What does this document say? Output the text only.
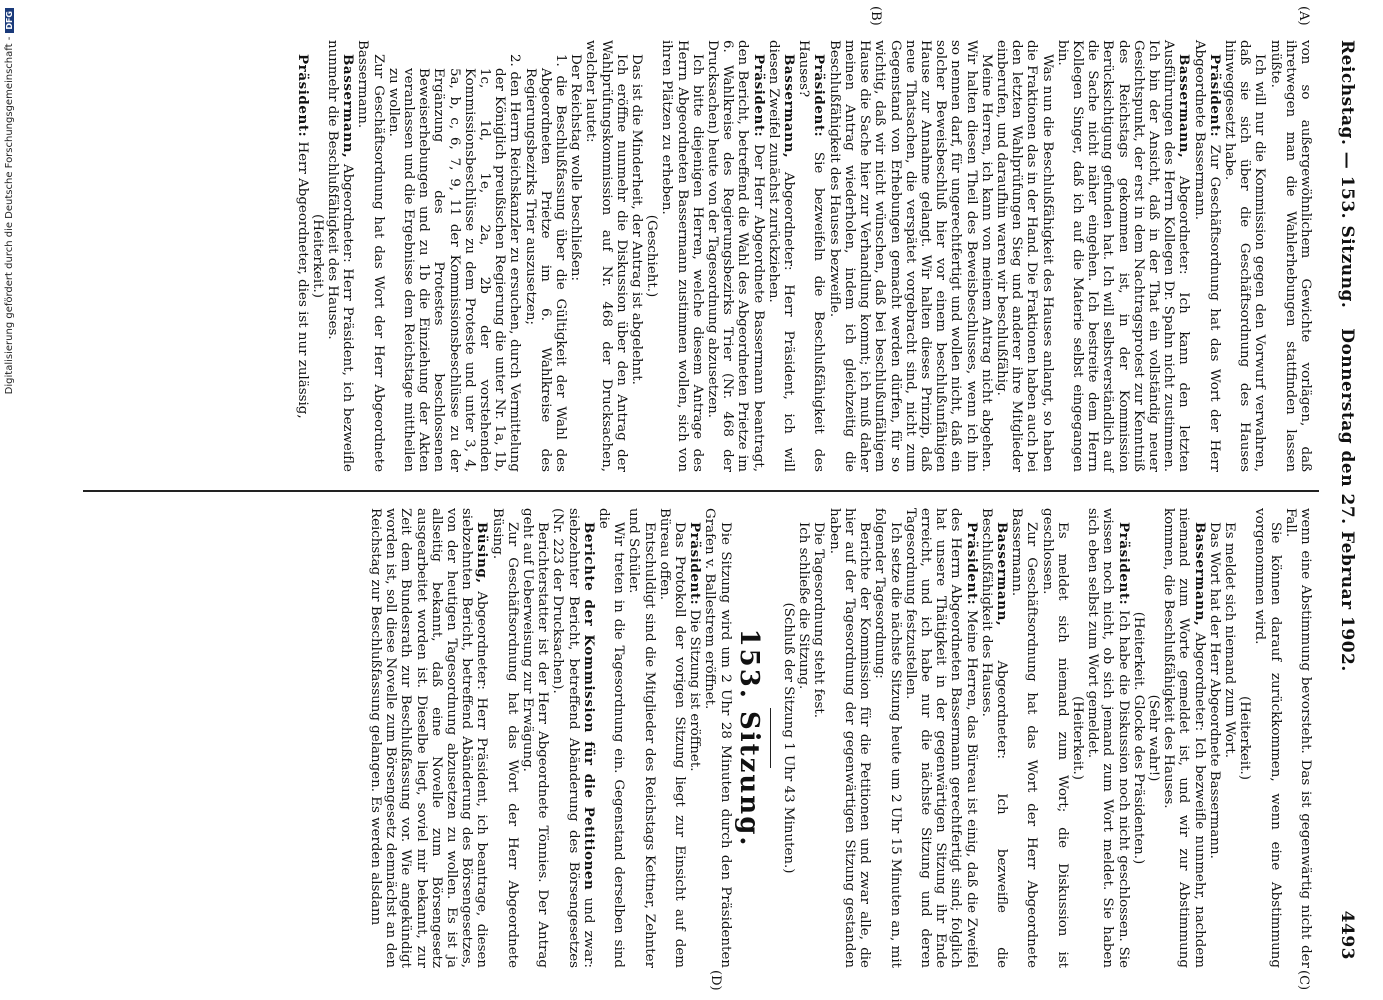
Digitalisierung gefördert durch die Deutsche Forschungsgemeinschaft -DFG
Reichstag. — 153. Sitzung.
Donnerstag den 27. Februar 1902.
4493
(A)
(B)
(C)
(D)

von so außergewöhnlichem Gewichte vorlägen, daß ihretwegen man die Wahlerhebungen stattfinden lassen müßte.

Ich will nur die Kommission gegen den Vorwurf verwahren, daß sie sich über die Geschäftsordnung des Hauses hinweggesetzt habe.

Präsident: Zur Geschäftsordnung hat das Wort der Herr Abgeordnete Bassermann.

Bassermann, Abgeordneter: Ich kann den letzten Ausführungen des Herrn Kollegen Dr. Spahn nicht zustimmen. Ich bin der Ansicht, daß in der That ein vollständig neuer Gesichtspunkt, der erst in dem Nachtragsprotest zur Kenntniß des Reichstags gekommen ist, in der Kommission Berücksichtigung gefunden hat. Ich will selbstverständlich auf die Sache nicht näher eingehen. Ich bestreite dem Herrn Kollegen Singer, daß ich auf die Materie selbst eingegangen bin.

Was nun die Beschlußfähigkeit des Hauses anlangt, so haben die Fraktionen das in der Hand. Die Fraktionen haben auch bei den letzten Wahlprüfungen Sieg und anderer ihre Mitglieder einberufen, und daraufhin waren wir beschlußfähig.

Meine Herren, ich kann von meinem Antrag nicht abgehen. Wir halten diesen Theil des Beweisbeschlusses, wenn ich ihn so nennen darf, für ungerechtfertigt und wollen nicht, daß ein solcher Beweisbeschluß hier vor einem beschlußunfähigen Hause zur Annahme gelangt. Wir halten dieses Prinzip, daß neue Thatsachen, die verspätet vorgebracht sind, nicht zum Gegenstand von Erhebungen gemacht werden dürfen, für so wichtig, daß wir nicht wünschen, daß bei beschlußunfähigem Hause die Sache hier zur Verhandlung kommt; ich muß daher meinen Antrag wiederholen, indem ich gleichzeitig die Beschlußfähigkeit des Hauses bezweifle.

Präsident: Sie bezweifeln die Beschlußfähigkeit des Hauses?

Bassermann, Abgeordneter: Herr Präsident, ich will diesen Zweifel zunächst zurückziehen.

Präsident: Der Herr Abgeordnete Bassermann beantragt, den Bericht, betreffend die Wahl des Abgeordneten Prietze im 6. Wahlkreise des Regierungsbezirks Trier (Nr. 468 der Drucksachen) heute von der Tagesordnung abzusetzen.

Ich bitte diejenigen Herren, welche diesem Antrage des Herrn Abgeordneten Bassermann zustimmen wollen, sich von ihren Plätzen zu erheben.

(Geschieht.)

Das ist die Minderheit, der Antrag ist abgelehnt.

Ich eröffne nunmehr die Diskussion über den Antrag der Wahlprüfungskommission auf Nr. 468 der Drucksachen, welcher lautet:

Der Reichstag wolle beschließen:

1. die Beschlußfassung über die Gültigkeit der Wahl des Abgeordneten Prietze im 6. Wahlkreise des Regierungsbezirks Trier auszusetzen;

2. den Herrn Reichskanzler zu ersuchen, durch Vermittelung der Königlich preußischen Regierung die unter Nr. 1a, 1b, 1c, 1d, 1e, 2a, 2b der vorstehenden Kommissionsbeschlüsse zu dem Proteste und unter 3, 4, 5a, b, c, 6, 7, 9, 11 der Kommissionsbeschlüsse zu der Ergänzung des Protestes beschlossenen Beweiserhebungen und zu 1b die Einziehung der Akten veranlassen und die Ergebnisse dem Reichstage mittheilen zu wollen.

Zur Geschäftsordnung hat das Wort der Herr Abgeordnete Bassermann.

Bassermann, Abgeordneter: Herr Präsident, ich bezweifle nunmehr die Beschlußfähigkeit des Hauses.

(Heiterkeit.)

Präsident: Herr Abgeordneter, dies ist nur zulässig,

wenn eine Abstimmung bevorsteht. Das ist gegenwärtig nicht der Fall.

Sie können darauf zurückkommen, wenn eine Abstimmung vorgenommen wird.

(Heiterkeit.)

Es meldet sich niemand zum Wort.

Das Wort hat der Herr Abgeordnete Bassermann.

Bassermann, Abgeordneter: Ich bezweifle nunmehr, nachdem niemand zum Worte gemeldet ist, und wir zur Abstimmung kommen, die Beschlußfähigkeit des Hauses.

(Sehr wahr!)

(Heiterkeit. Glocke des Präsidenten.)

Präsident: Ich habe die Diskussion noch nicht geschlossen. Sie wissen noch nicht, ob sich jemand zum Wort meldet. Sie haben sich eben selbst zum Wort gemeldet.

(Heiterkeit.)

Es meldet sich niemand zum Wort; die Diskussion ist geschlossen.

Zur Geschäftsordnung hat das Wort der Herr Abgeordnete Bassermann.

Bassermann, Abgeordneter: Ich bezweifle die Beschlußfähigkeit des Hauses.

Präsident: Meine Herren, das Büreau ist einig, daß die Zweifel des Herrn Abgeordneten Bassermann gerechtfertigt sind; folglich hat unsere Thätigkeit in der gegenwärtigen Sitzung ihr Ende erreicht, und ich habe nur die nächste Sitzung und deren Tagesordnung festzustellen.

Ich setze die nächste Sitzung heute um 2 Uhr 15 Minuten an, mit folgender Tagesordnung:

Berichte der Kommission für die Petitionen und zwar alle, die hier auf der Tagesordnung der gegenwärtigen Sitzung gestanden haben.

Die Tagesordnung steht fest.

Ich schließe die Sitzung.

(Schluß der Sitzung 1 Uhr 43 Minuten.)

153. Sitzung.

Die Sitzung wird um 2 Uhr 28 Minuten durch den Präsidenten Grafen v. Ballestrem eröffnet.

Präsident: Die Sitzung ist eröffnet.

Das Protokoll der vorigen Sitzung liegt zur Einsicht auf dem Büreau offen.

Entschuldigt sind die Mitglieder des Reichstags Kettner, Zehnter und Schüler.

Wir treten in die Tagesordnung ein. Gegenstand derselben sind die

Berichte der Kommission für die Petitionen und zwar: siebzehnter Bericht, betreffend Abänderung des Börsengesetzes (Nr. 223 der Drucksachen).

Berichterstatter ist der Herr Abgeordnete Tönnies. Der Antrag geht auf Ueberweisung zur Erwägung.

Zur Geschäftsordnung hat das Wort der Herr Abgeordnete Büsing.

Büsing, Abgeordneter: Herr Präsident, ich beantrage, diesen siebzehnten Bericht, betreffend Abänderung des Börsengesetzes, von der heutigen Tagesordnung abzusetzen zu wollen. Es ist ja allseitig bekannt, daß eine Novelle zum Börsengesetz ausgearbeitet worden ist. Dieselbe liegt, soviel mir bekannt, zur Zeit dem Bundesrath zur Beschlußfassung vor. Wie angekündigt worden ist, soll diese Novelle zum Börsengesetz demnächst an den Reichstag zur Beschlußfassung gelangen. Es werden alsdann
